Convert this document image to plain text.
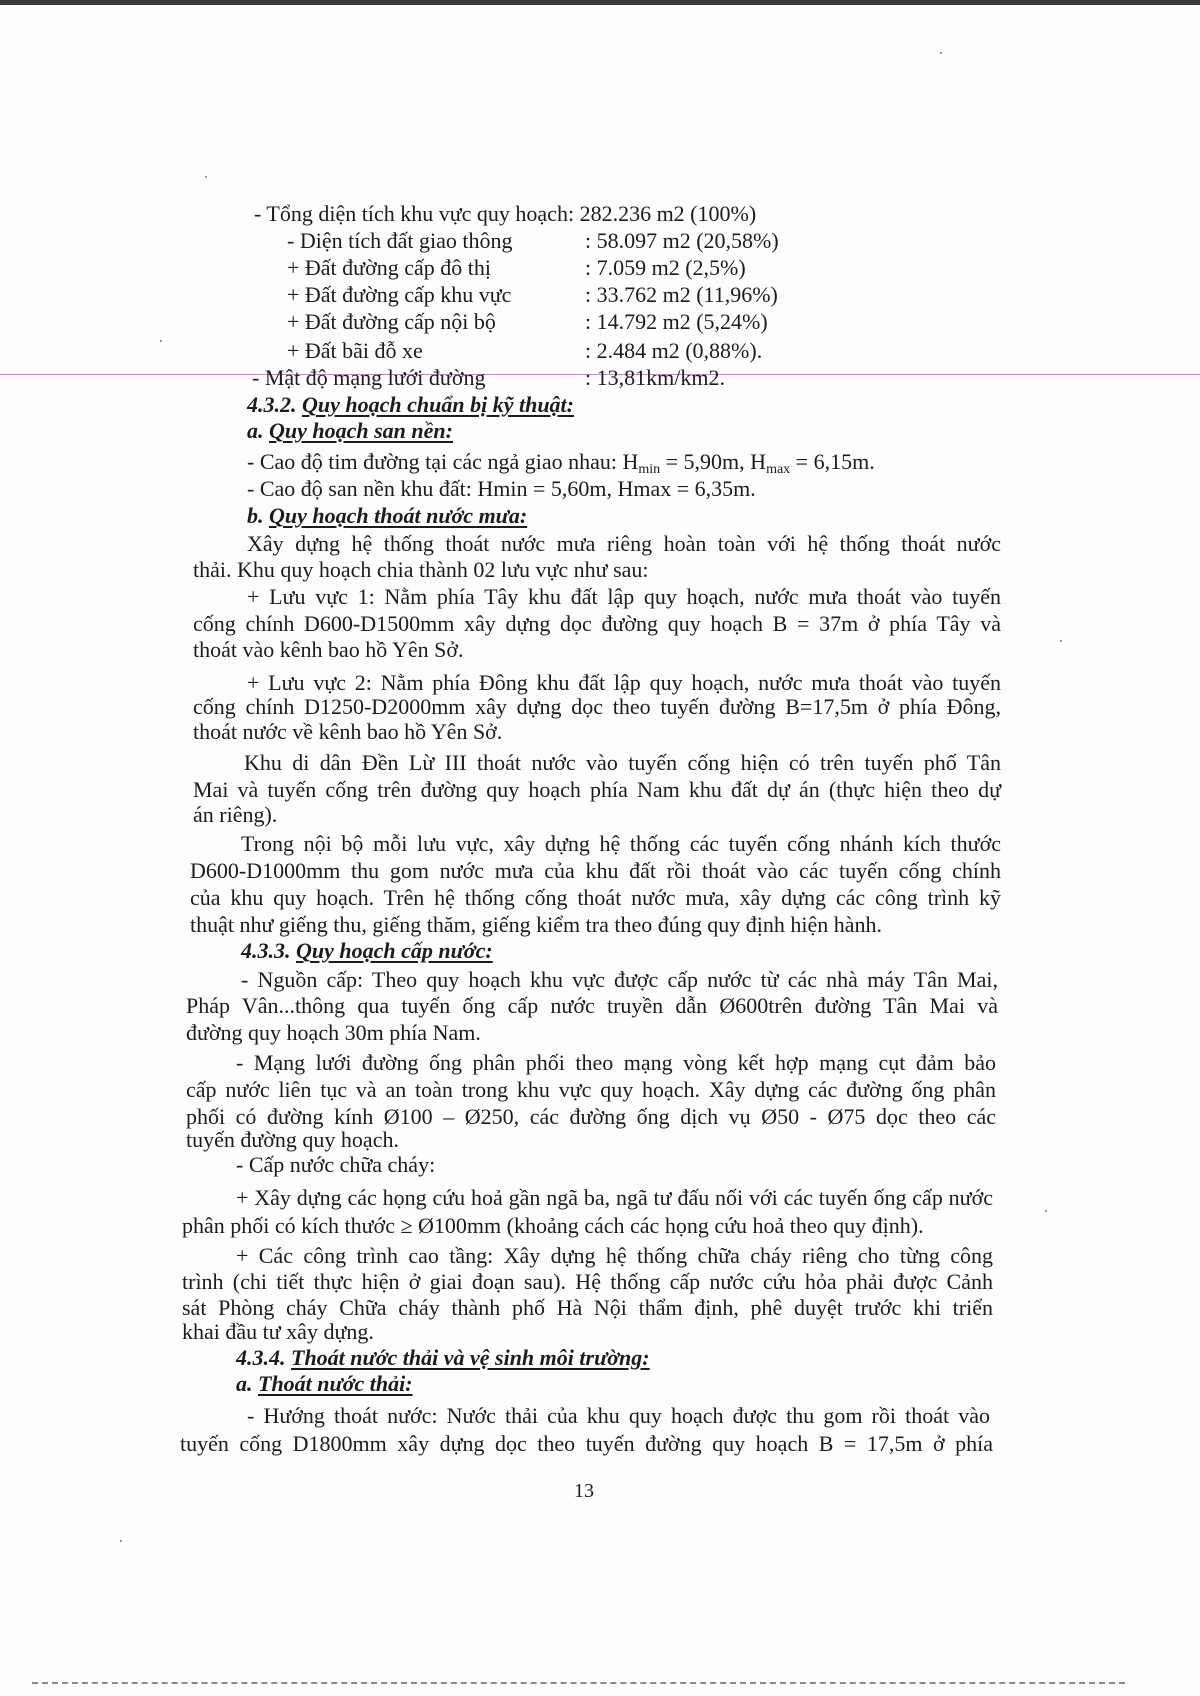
- Tổng diện tích khu vực quy hoạch: 282.236 m2 (100%)
- Diện tích đất giao thông	: 58.097 m2 (20,58%)
+ Đất đường cấp đô thị	: 7.059 m2 (2,5%)
+ Đất đường cấp khu vực	: 33.762 m2 (11,96%)
+ Đất đường cấp nội bộ	: 14.792 m2 (5,24%)
+ Đất bãi đỗ xe	: 2.484 m2 (0,88%).
- Mật độ mạng lưới đường	: 13,81km/km2.
4.3.2. Quy hoạch chuẩn bị kỹ thuật:
a. Quy hoạch san nền:
- Cao độ tim đường tại các ngả giao nhau: $H_{min} = 5,90m$, $H_{max} = 6,15m$.
- Cao độ san nền khu đất: Hmin = 5,60m, Hmax = 6,35m.
b. Quy hoạch thoát nước mưa:
Xây dựng hệ thống thoát nước mưa riêng hoàn toàn với hệ thống thoát nước
thải. Khu quy hoạch chia thành 02 lưu vực như sau:
+ Lưu vực 1: Nằm phía Tây khu đất lập quy hoạch, nước mưa thoát vào tuyến
cống chính D600-D1500mm xây dựng dọc đường quy hoạch B = 37m ở phía Tây và
thoát vào kênh bao hồ Yên Sở.
+ Lưu vực 2: Nằm phía Đông khu đất lập quy hoạch, nước mưa thoát vào tuyến
cống chính D1250-D2000mm xây dựng dọc theo tuyến đường B=17,5m ở phía Đông,
thoát nước về kênh bao hồ Yên Sở.
Khu di dân Đền Lừ III thoát nước vào tuyến cống hiện có trên tuyến phố Tân
Mai và tuyến cống trên đường quy hoạch phía Nam khu đất dự án (thực hiện theo dự
án riêng).
Trong nội bộ mỗi lưu vực, xây dựng hệ thống các tuyến cống nhánh kích thước
D600-D1000mm thu gom nước mưa của khu đất rồi thoát vào các tuyến cống chính
của khu quy hoạch. Trên hệ thống cống thoát nước mưa, xây dựng các công trình kỹ
thuật như giếng thu, giếng thăm, giếng kiểm tra theo đúng quy định hiện hành.
4.3.3. Quy hoạch cấp nước:
- Nguồn cấp: Theo quy hoạch khu vực được cấp nước từ các nhà máy Tân Mai,
Pháp Vân...thông qua tuyến ống cấp nước truyền dẫn Ø600trên đường Tân Mai và
đường quy hoạch 30m phía Nam.
- Mạng lưới đường ống phân phối theo mạng vòng kết hợp mạng cụt đảm bảo
cấp nước liên tục và an toàn trong khu vực quy hoạch. Xây dựng các đường ống phân
phối có đường kính Ø100 – Ø250, các đường ống dịch vụ Ø50 - Ø75 dọc theo các
tuyến đường quy hoạch.
- Cấp nước chữa cháy:
+ Xây dựng các họng cứu hoả gần ngã ba, ngã tư đấu nối với các tuyến ống cấp nước
phân phối có kích thước ≥ Ø100mm (khoảng cách các họng cứu hoả theo quy định).
+ Các công trình cao tầng: Xây dựng hệ thống chữa cháy riêng cho từng công
trình (chi tiết thực hiện ở giai đoạn sau). Hệ thống cấp nước cứu hỏa phải được Cảnh
sát Phòng cháy Chữa cháy thành phố Hà Nội thẩm định, phê duyệt trước khi triển
khai đầu tư xây dựng.
4.3.4. Thoát nước thải và vệ sinh môi trường:
a. Thoát nước thải:
- Hướng thoát nước: Nước thải của khu quy hoạch được thu gom rồi thoát vào
tuyến cống D1800mm xây dựng dọc theo tuyến đường quy hoạch B = 17,5m ở phía
13
